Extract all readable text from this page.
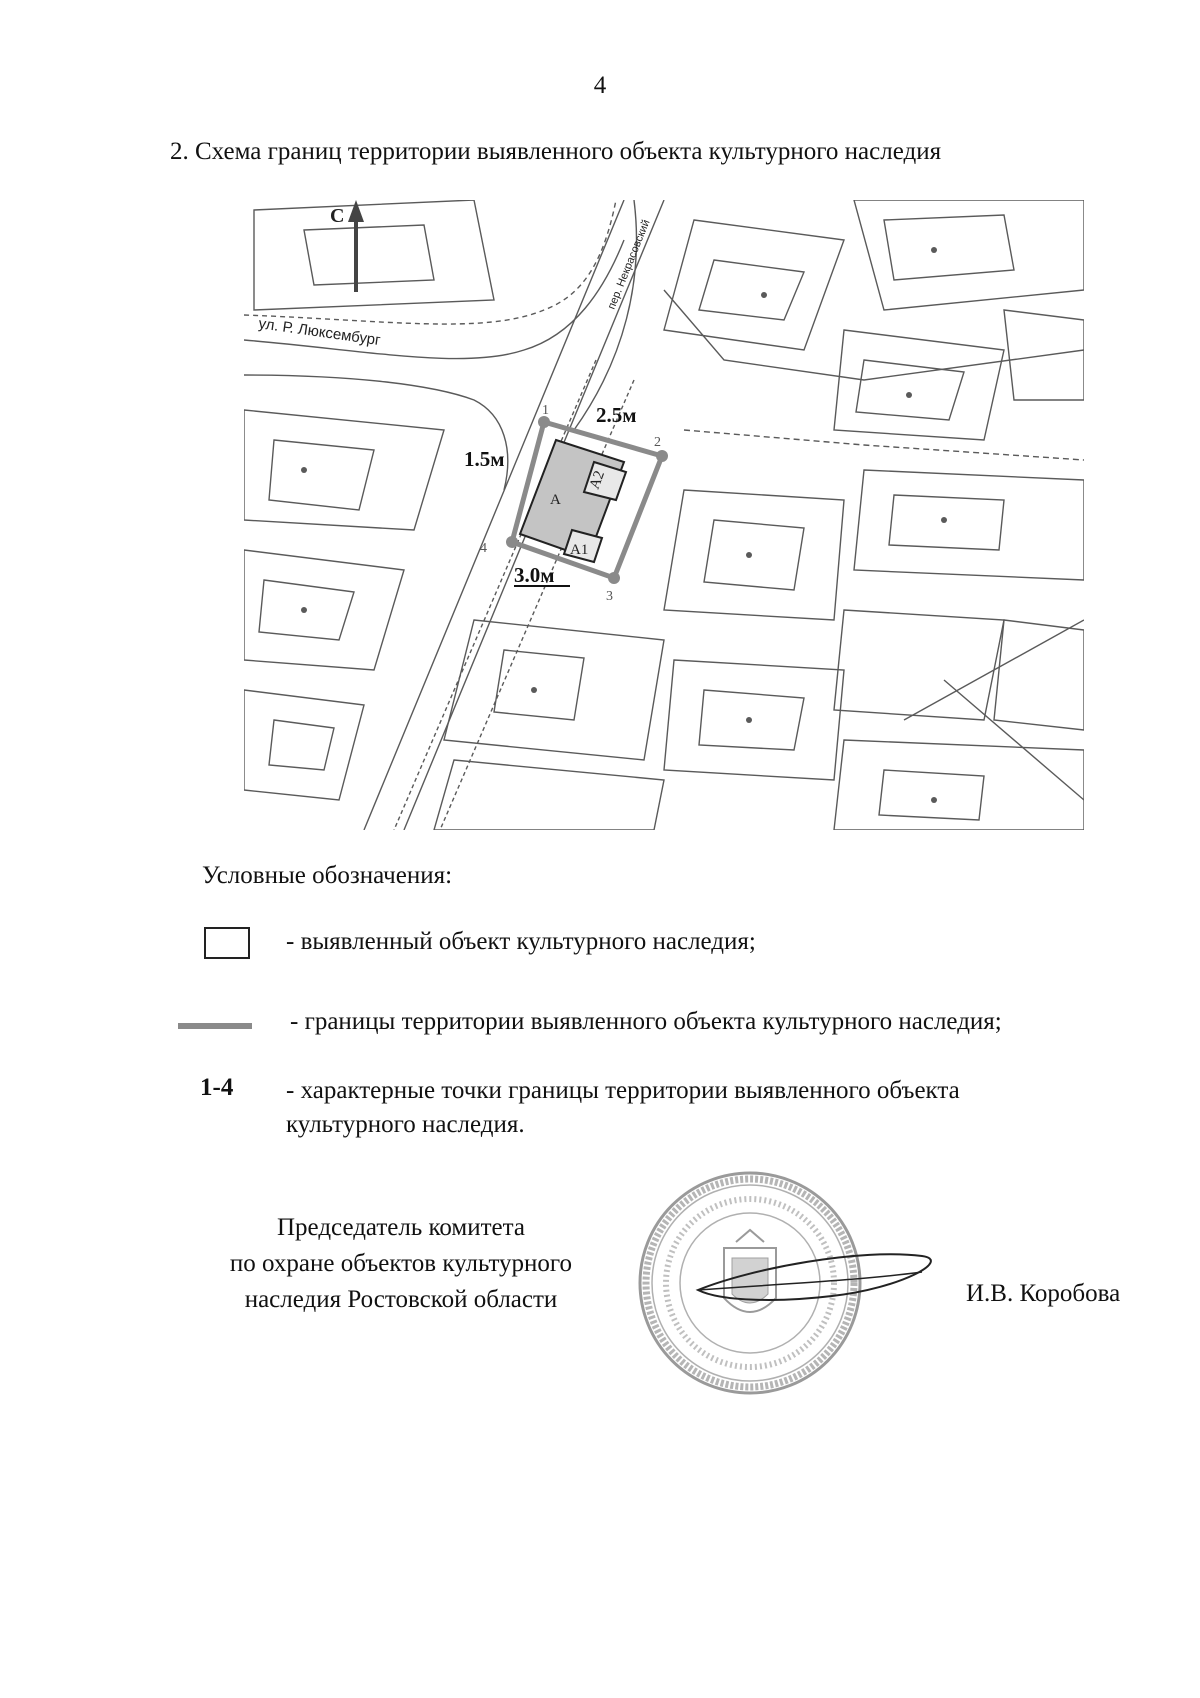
4
2. Схема границ территории выявленного объекта культурного наследия
С
ул. Р. Люксембург
пер. Некрасовский
А
А1
А2
1
2
3
4
2.5м
1.5м
3.0м
Условные обозначения:
- выявленный объект культурного наследия;
- границы территории выявленного объекта культурного наследия;
1-4 - характерные точки границы территории выявленного объекта культурного наследия.
Председатель комитета
по охране объектов культурного
наследия Ростовской области	И.В. Коробова
